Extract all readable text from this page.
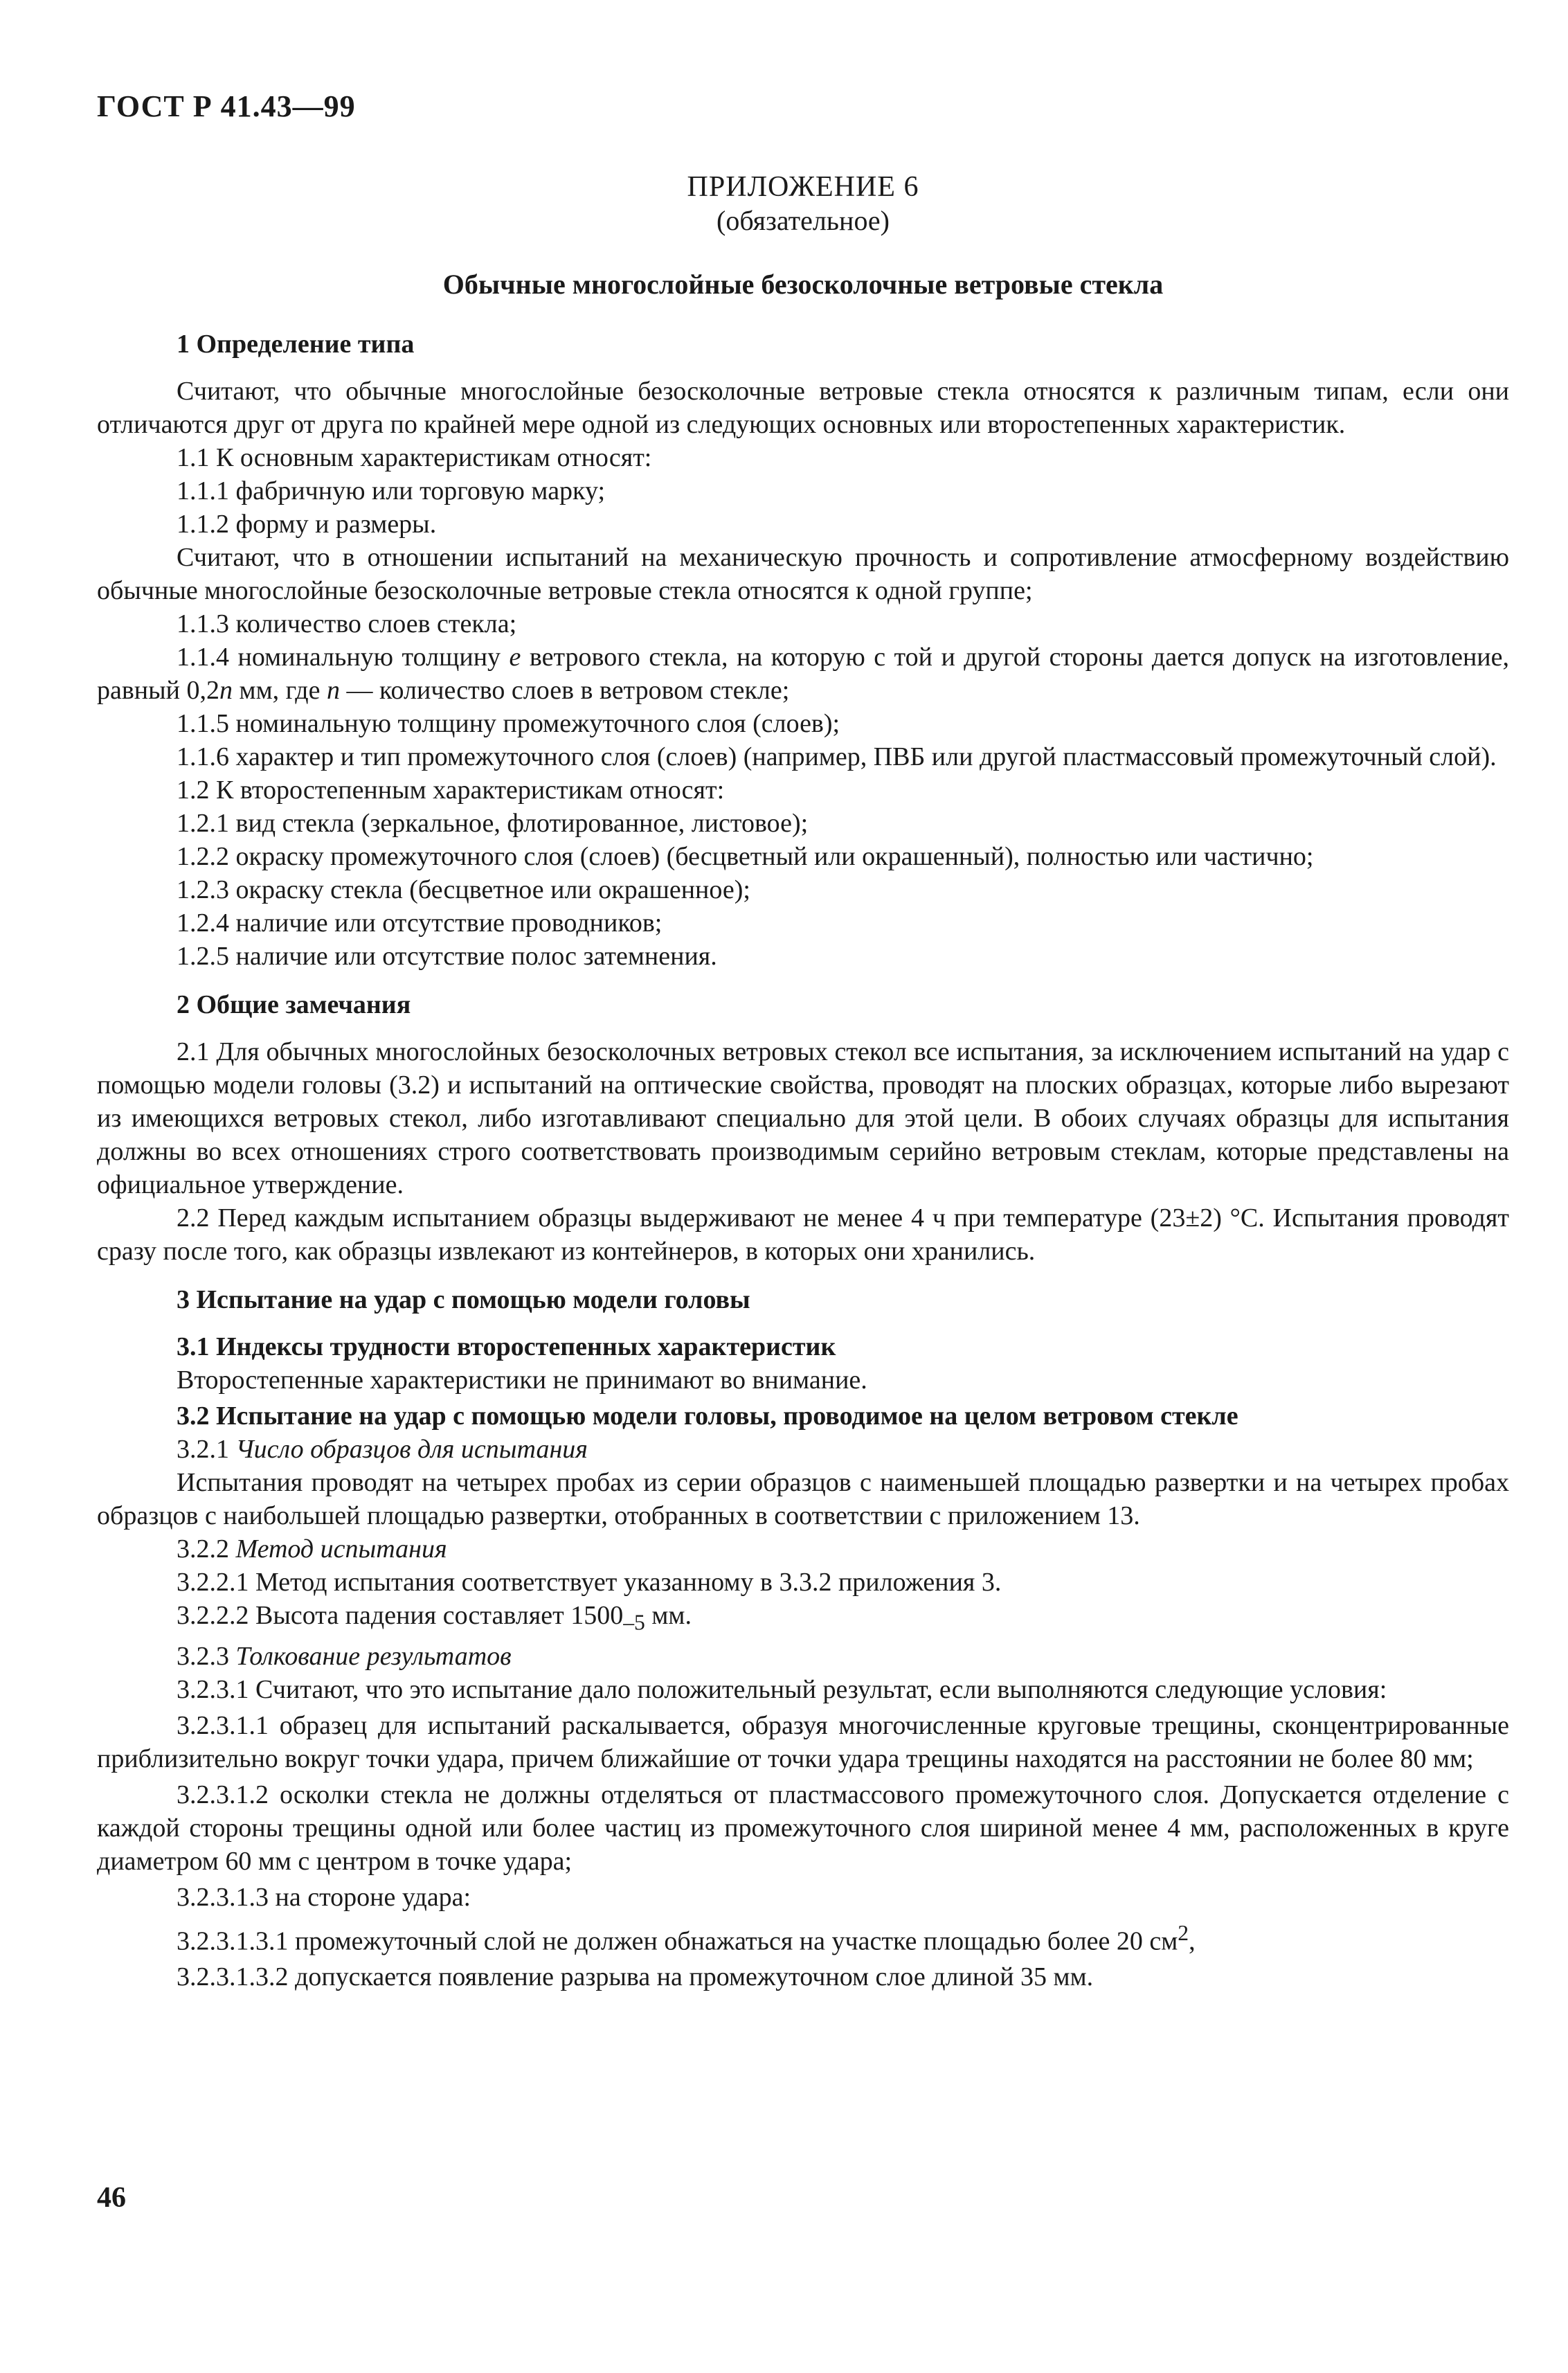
ГОСТ Р 41.43—99
ПРИЛОЖЕНИЕ 6
(обязательное)
Обычные многослойные безосколочные ветровые стекла
1 Определение типа

Считают, что обычные многослойные безосколочные ветровые стекла относятся к различным типам, если они отличаются друг от друга по крайней мере одной из следующих основных или второстепенных характеристик.

1.1 К основным характеристикам относят:

1.1.1 фабричную или торговую марку;

1.1.2 форму и размеры.

Считают, что в отношении испытаний на механическую прочность и сопротивление атмосферному воздействию обычные многослойные безосколочные ветровые стекла относятся к одной группе;

1.1.3 количество слоев стекла;

1.1.4 номинальную толщину е ветрового стекла, на которую с той и другой стороны дается допуск на изготовление, равный 0,2n мм, где n — количество слоев в ветровом стекле;

1.1.5 номинальную толщину промежуточного слоя (слоев);

1.1.6 характер и тип промежуточного слоя (слоев) (например, ПВБ или другой пластмассовый промежуточный слой).

1.2 К второстепенным характеристикам относят:

1.2.1 вид стекла (зеркальное, флотированное, листовое);

1.2.2 окраску промежуточного слоя (слоев) (бесцветный или окрашенный), полностью или частично;

1.2.3 окраску стекла (бесцветное или окрашенное);

1.2.4 наличие или отсутствие проводников;

1.2.5 наличие или отсутствие полос затемнения.

2 Общие замечания

2.1 Для обычных многослойных безосколочных ветровых стекол все испытания, за исключением испытаний на удар с помощью модели головы (3.2) и испытаний на оптические свойства, проводят на плоских образцах, которые либо вырезают из имеющихся ветровых стекол, либо изготавливают специально для этой цели. В обоих случаях образцы для испытания должны во всех отношениях строго соответствовать производимым серийно ветровым стеклам, которые представлены на официальное утверждение.

2.2 Перед каждым испытанием образцы выдерживают не менее 4 ч при температуре (23±2) °С. Испытания проводят сразу после того, как образцы извлекают из контейнеров, в которых они хранились.

3 Испытание на удар с помощью модели головы
3.1 Индексы трудности второстепенных характеристик

Второстепенные характеристики не принимают во внимание.

3.2 Испытание на удар с помощью модели головы, проводимое на целом ветровом стекле

3.2.1 Число образцов для испытания

Испытания проводят на четырех пробах из серии образцов с наименьшей площадью развертки и на четырех пробах образцов с наибольшей площадью развертки, отобранных в соответствии с приложением 13.

3.2.2 Метод испытания

3.2.2.1 Метод испытания соответствует указанному в 3.3.2 приложения 3.

3.2.2.2 Высота падения составляет $1500_{-5}$ мм.

3.2.3 Толкование результатов

3.2.3.1 Считают, что это испытание дало положительный результат, если выполняются следующие условия:

3.2.3.1.1 образец для испытаний раскалывается, образуя многочисленные круговые трещины, сконцентрированные приблизительно вокруг точки удара, причем ближайшие от точки удара трещины находятся на расстоянии не более 80 мм;

3.2.3.1.2 осколки стекла не должны отделяться от пластмассового промежуточного слоя. Допускается отделение с каждой стороны трещины одной или более частиц из промежуточного слоя шириной менее 4 мм, расположенных в круге диаметром 60 мм с центром в точке удара;

3.2.3.1.3 на стороне удара:

3.2.3.1.3.1 промежуточный слой не должен обнажаться на участке площадью более 20 $см^2$,

3.2.3.1.3.2 допускается появление разрыва на промежуточном слое длиной 35 мм.

46
